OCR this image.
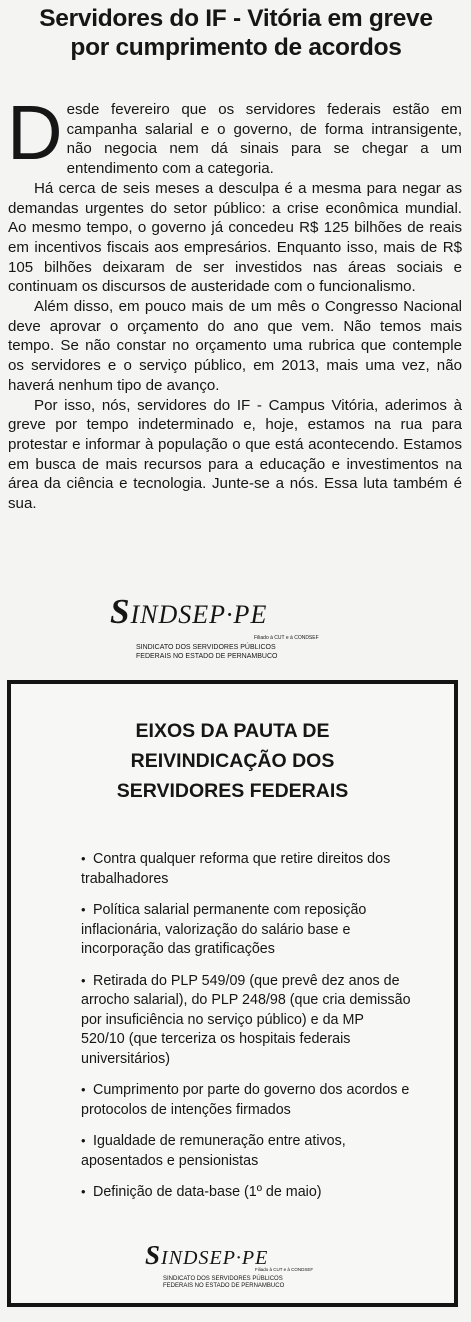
Servidores do IF - Vitória em greve
por cumprimento de acordos

Desde fevereiro que os servidores federais estão em campanha salarial e o governo, de forma intransigente, não negocia nem dá sinais para se chegar a um entendimento com a categoria.

Há cerca de seis meses a desculpa é a mesma para negar as demandas urgentes do setor público: a crise econômica mundial. Ao mesmo tempo, o governo já concedeu R$ 125 bilhões de reais em incentivos fiscais aos empresários. Enquanto isso, mais de R$ 105 bilhões deixaram de ser investidos nas áreas sociais e continuam os discursos de austeridade com o funcionalismo.

Além disso, em pouco mais de um mês o Congresso Nacional deve aprovar o orçamento do ano que vem. Não temos mais tempo. Se não constar no orçamento uma rubrica que contemple os servidores e o serviço público, em 2013, mais uma vez, não haverá nenhum tipo de avanço.

Por isso, nós, servidores do IF - Campus Vitória, aderimos à greve por tempo indeterminado e, hoje, estamos na rua para protestar e informar à população o que está acontecendo. Estamos em busca de mais recursos para a educação e investimentos na área da ciência e tecnologia. Junte-se a nós. Essa luta também é sua.

SINDSEP·PE
Filiado à CUT e à CONDSEF
SINDICATO DOS SERVIDORES PÚBLICOS
FEDERAIS NO ESTADO DE PERNAMBUCO
EIXOS DA PAUTA DE
REIVINDICAÇÃO DOS
SERVIDORES FEDERAIS
• Contra qualquer reforma que retire direitos dos trabalhadores
• Política salarial permanente com reposição inflacionária, valorização do salário base e incorporação das gratificações
• Retirada do PLP 549/09 (que prevê dez anos de arrocho salarial), do PLP 248/98 (que cria demissão por insuficiência no serviço público) e da MP 520/10 (que terceriza os hospitais federais universitários)
• Cumprimento por parte do governo dos acordos e protocolos de intenções firmados
• Igualdade de remuneração entre ativos, aposentados e pensionistas
• Definição de data-base (1º de maio)
SINDSEP·PE
Filiado à CUT e à CONDSEF
SINDICATO DOS SERVIDORES PÚBLICOS
FEDERAIS NO ESTADO DE PERNAMBUCO
